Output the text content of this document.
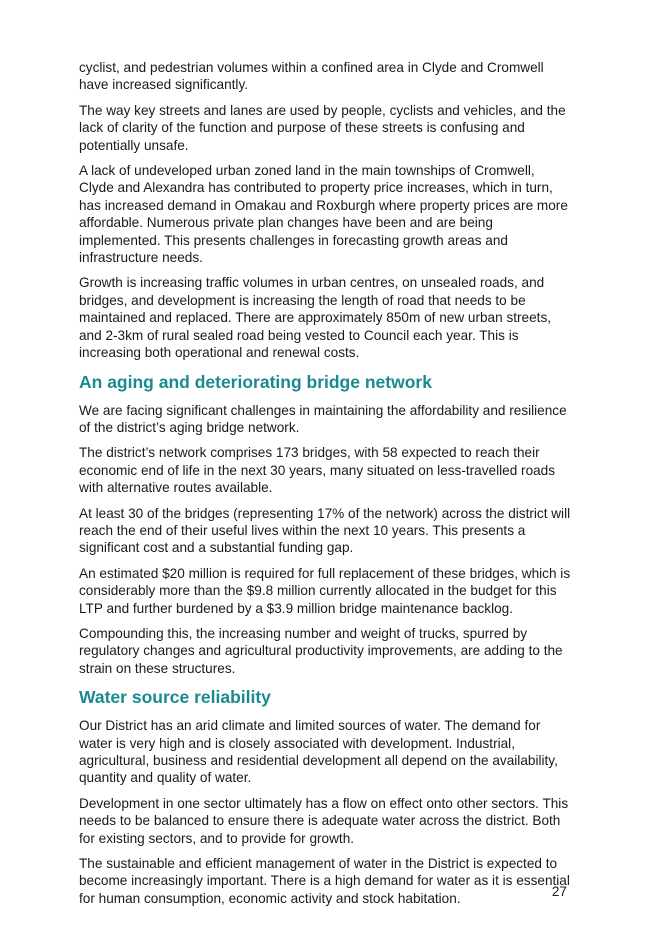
cyclist, and pedestrian volumes within a confined area in Clyde and Cromwell have increased significantly.

The way key streets and lanes are used by people, cyclists and vehicles, and the lack of clarity of the function and purpose of these streets is confusing and potentially unsafe.

A lack of undeveloped urban zoned land in the main townships of Cromwell, Clyde and Alexandra has contributed to property price increases, which in turn, has increased demand in Omakau and Roxburgh where property prices are more affordable. Numerous private plan changes have been and are being implemented. This presents challenges in forecasting growth areas and infrastructure needs.

Growth is increasing traffic volumes in urban centres, on unsealed roads, and bridges, and development is increasing the length of road that needs to be maintained and replaced. There are approximately 850m of new urban streets, and 2-3km of rural sealed road being vested to Council each year. This is increasing both operational and renewal costs.

An aging and deteriorating bridge network

We are facing significant challenges in maintaining the affordability and resilience of the district’s aging bridge network.

The district’s network comprises 173 bridges, with 58 expected to reach their economic end of life in the next 30 years, many situated on less-travelled roads with alternative routes available.

At least 30 of the bridges (representing 17% of the network) across the district will reach the end of their useful lives within the next 10 years. This presents a significant cost and a substantial funding gap.

An estimated $20 million is required for full replacement of these bridges, which is considerably more than the $9.8 million currently allocated in the budget for this LTP and further burdened by a $3.9 million bridge maintenance backlog.

Compounding this, the increasing number and weight of trucks, spurred by regulatory changes and agricultural productivity improvements, are adding to the strain on these structures.

Water source reliability

Our District has an arid climate and limited sources of water. The demand for water is very high and is closely associated with development. Industrial, agricultural, business and residential development all depend on the availability, quantity and quality of water.

Development in one sector ultimately has a flow on effect onto other sectors. This needs to be balanced to ensure there is adequate water across the district. Both for existing sectors, and to provide for growth.

The sustainable and efficient management of water in the District is expected to become increasingly important. There is a high demand for water as it is essential for human consumption, economic activity and stock habitation.	27
